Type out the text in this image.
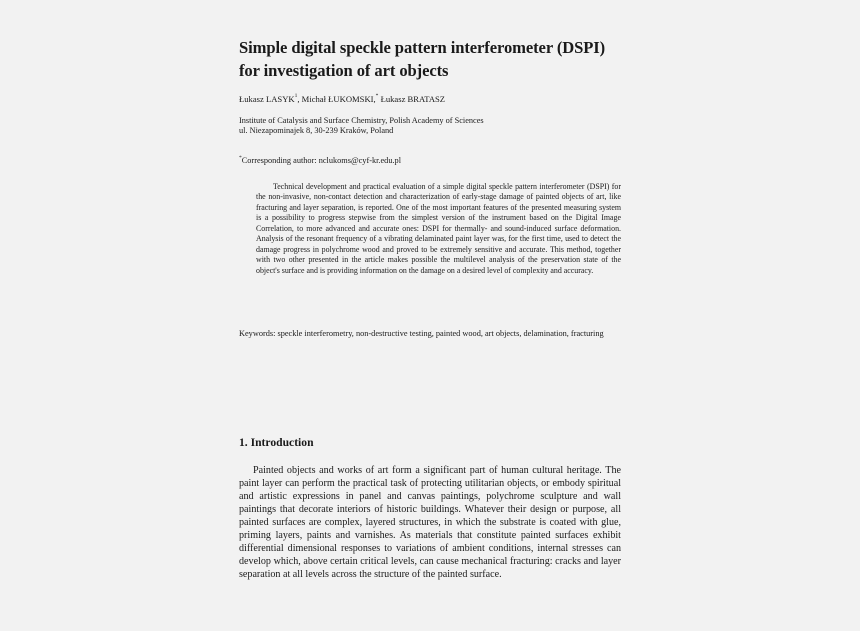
Simple digital speckle pattern interferometer (DSPI)
for investigation of art objects
Łukasz LASYK$^1$, Michał ŁUKOMSKI,* Łukasz BRATASZ
Institute of Catalysis and Surface Chemistry, Polish Academy of Sciences
ul. Niezapominajek 8, 30-239 Kraków, Poland
*Corresponding author: nclukoms@cyf-kr.edu.pl

Technical development and practical evaluation of a simple digital speckle pattern interferometer (DSPI) for the non-invasive, non-contact detection and characterization of early-stage damage of painted objects of art, like fracturing and layer separation, is reported. One of the most important features of the presented measuring system is a possibility to progress stepwise from the simplest version of the instrument based on the Digital Image Correlation, to more advanced and accurate ones: DSPI for thermally- and sound-induced surface deformation. Analysis of the resonant frequency of a vibrating delaminated paint layer was, for the first time, used to detect the damage progress in polychrome wood and proved to be extremely sensitive and accurate. This method, together with two other presented in the article makes possible the multilevel analysis of the preservation state of the object's surface and is providing information on the damage on a desired level of complexity and accuracy.

Keywords: speckle interferometry, non-destructive testing, painted wood, art objects, delamination, fracturing

1. Introduction

Painted objects and works of art form a significant part of human cultural heritage. The paint layer can perform the practical task of protecting utilitarian objects, or embody spiritual and artistic expressions in panel and canvas paintings, polychrome sculpture and wall paintings that decorate interiors of historic buildings. Whatever their design or purpose, all painted surfaces are complex, layered structures, in which the substrate is coated with glue, priming layers, paints and varnishes. As materials that constitute painted surfaces exhibit differential dimensional responses to variations of ambient conditions, internal stresses can develop which, above certain critical levels, can cause mechanical fracturing: cracks and layer separation at all levels across the structure of the painted surface.
